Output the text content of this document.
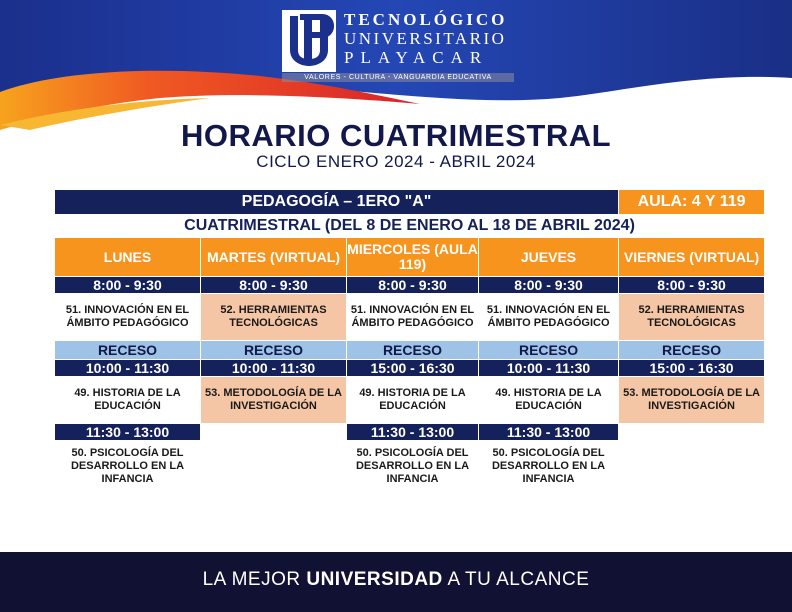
TECNOLÓGICO
UNIVERSITARIO
PLAYACAR
VALORES - CULTURA - VANGUARDIA EDUCATIVA
HORARIO CUATRIMESTRAL
CICLO ENERO 2024 - ABRIL 2024
PEDAGOGÍA – 1ERO "A"				AULA: 4 Y 119
CUATRIMESTRAL (DEL 8 DE ENERO AL 18 DE ABRIL 2024)				
LUNES	MARTES (VIRTUAL)	MIERCOLES (AULA 119)	JUEVES	VIERNES (VIRTUAL)
8:00 - 9:30	8:00 - 9:30	8:00 - 9:30	8:00 - 9:30	8:00 - 9:30
51. INNOVACIÓN EN EL ÁMBITO PEDAGÓGICO	52. HERRAMIENTAS TECNOLÓGICAS	51. INNOVACIÓN EN EL ÁMBITO PEDAGÓGICO	51. INNOVACIÓN EN EL ÁMBITO PEDAGÓGICO	52. HERRAMIENTAS TECNOLÓGICAS
RECESO	RECESO	RECESO	RECESO	RECESO
10:00 - 11:30	10:00 - 11:30	15:00 - 16:30	10:00 - 11:30	15:00 - 16:30
49. HISTORIA DE LA EDUCACIÓN	53. METODOLOGÍA DE LA INVESTIGACIÓN	49. HISTORIA DE LA EDUCACIÓN	49. HISTORIA DE LA EDUCACIÓN	53. METODOLOGÍA DE LA INVESTIGACIÓN
11:30 - 13:00		11:30 - 13:00	11:30 - 13:00	
50. PSICOLOGÍA DEL DESARROLLO EN LA INFANCIA		50. PSICOLOGÍA DEL DESARROLLO EN LA INFANCIA	50. PSICOLOGÍA DEL DESARROLLO EN LA INFANCIA	
LA MEJOR UNIVERSIDAD A TU ALCANCE
